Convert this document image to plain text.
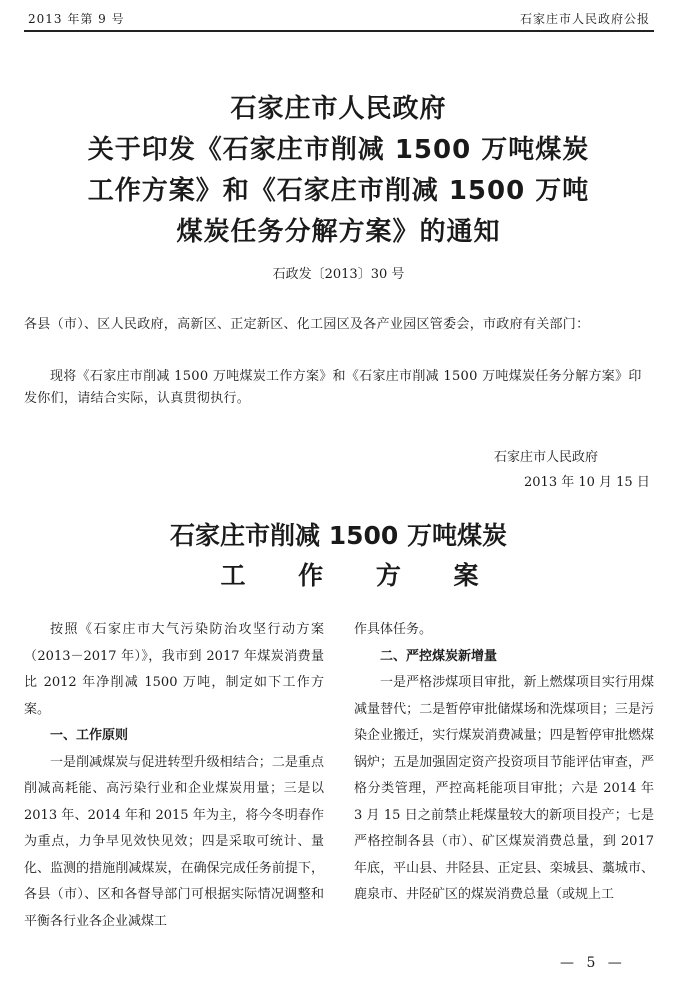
2013 年第 9 号	石家庄市人民政府公报
石家庄市人民政府
关于印发《石家庄市削减 1500 万吨煤炭
工作方案》和《石家庄市削减 1500 万吨
煤炭任务分解方案》的通知
石政发〔2013〕30 号
各县（市）、区人民政府，高新区、正定新区、化工园区及各产业园区管委会，市政府有关部门：
现将《石家庄市削减 1500 万吨煤炭工作方案》和《石家庄市削减 1500 万吨煤炭任务分解方案》印发你们，请结合实际，认真贯彻执行。
石家庄市人民政府
2013 年 10 月 15 日
石家庄市削减 1500 万吨煤炭
工 作 方 案

按照《石家庄市大气污染防治攻坚行动方案（2013－2017 年）》，我市到 2017 年煤炭消费量比 2012 年净削减 1500 万吨，制定如下工作方案。

一、工作原则

一是削减煤炭与促进转型升级相结合；二是重点削减高耗能、高污染行业和企业煤炭用量；三是以 2013 年、2014 年和 2015 年为主，将今冬明春作为重点，力争早见效快见效；四是采取可统计、量化、监测的措施削减煤炭，在确保完成任务前提下，各县（市）、区和各督导部门可根据实际情况调整和平衡各行业各企业减煤工

作具体任务。

二、严控煤炭新增量

一是严格涉煤项目审批，新上燃煤项目实行用煤减量替代；二是暂停审批储煤场和洗煤项目；三是污染企业搬迁，实行煤炭消费减量；四是暂停审批燃煤锅炉；五是加强固定资产投资项目节能评估审查，严格分类管理，严控高耗能项目审批；六是 2014 年 3 月 15 日之前禁止耗煤量较大的新项目投产；七是严格控制各县（市）、矿区煤炭消费总量，到 2017 年底，平山县、井陉县、正定县、栾城县、藁城市、鹿泉市、井陉矿区的煤炭消费总量（或规上工

— 5 —
